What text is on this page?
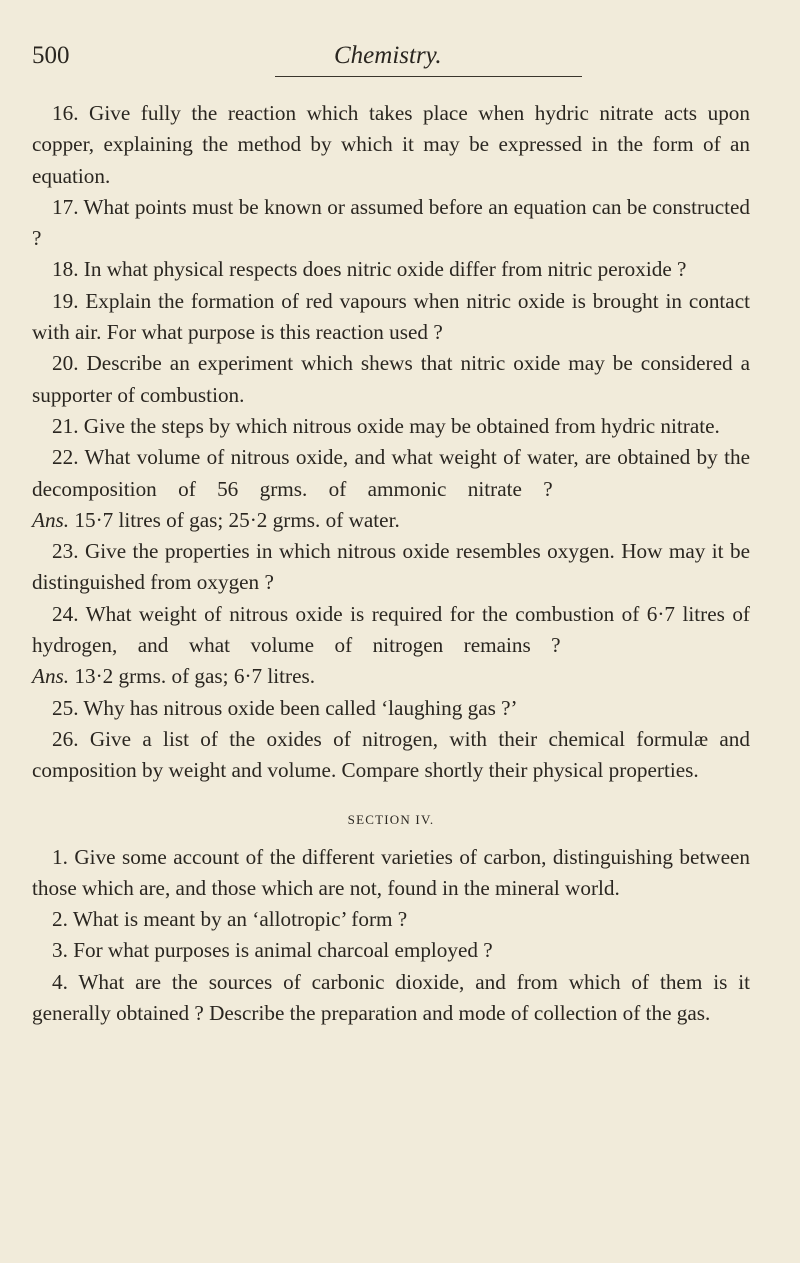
500	Chemistry.

16. Give fully the reaction which takes place when hydric nitrate acts upon copper, explaining the method by which it may be expressed in the form of an equation.

17. What points must be known or assumed before an equation can be constructed ?

18. In what physical respects does nitric oxide differ from nitric peroxide ?

19. Explain the formation of red vapours when nitric oxide is brought in contact with air. For what purpose is this reaction used ?

20. Describe an experiment which shews that nitric oxide may be considered a supporter of combustion.

21. Give the steps by which nitrous oxide may be obtained from hydric nitrate.

22. What volume of nitrous oxide, and what weight of water, are obtained by the decomposition of 56 grms. of ammonic nitrate ?           Ans. 15·7 litres of gas; 25·2 grms. of water.

23. Give the properties in which nitrous oxide resembles oxygen. How may it be distinguished from oxygen ?

24. What weight of nitrous oxide is required for the combustion of 6·7 litres of hydrogen, and what volume of nitrogen remains ?           Ans. 13·2 grms. of gas; 6·7 litres.

25. Why has nitrous oxide been called ‘laughing gas ?’

26. Give a list of the oxides of nitrogen, with their chemical formulæ and composition by weight and volume. Compare shortly their physical properties.

SECTION IV.

1. Give some account of the different varieties of carbon, distinguishing between those which are, and those which are not, found in the mineral world.

2. What is meant by an ‘allotropic’ form ?

3. For what purposes is animal charcoal employed ?

4. What are the sources of carbonic dioxide, and from which of them is it generally obtained ? Describe the preparation and mode of collection of the gas.
